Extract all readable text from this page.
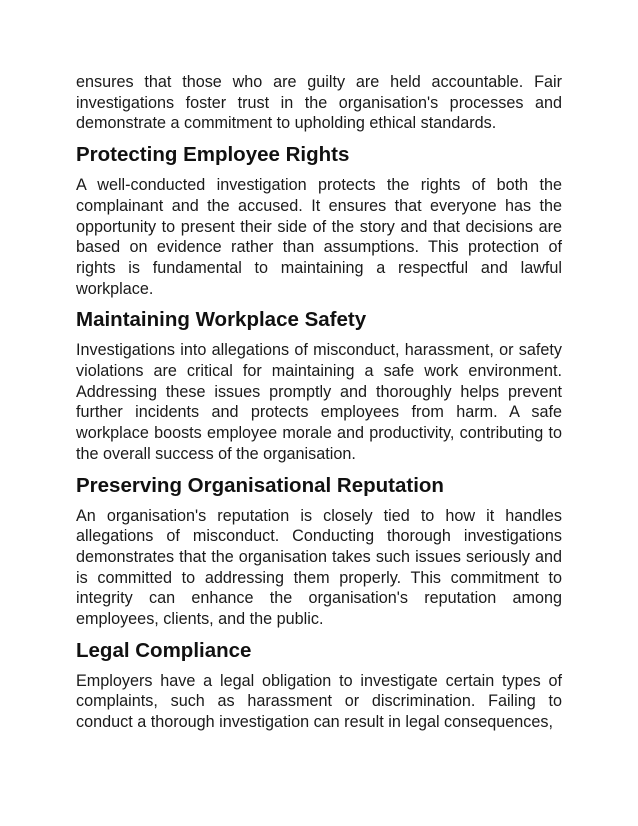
ensures that those who are guilty are held accountable. Fair investigations foster trust in the organisation's processes and demonstrate a commitment to upholding ethical standards.

Protecting Employee Rights

A well-conducted investigation protects the rights of both the complainant and the accused. It ensures that everyone has the opportunity to present their side of the story and that decisions are based on evidence rather than assumptions. This protection of rights is fundamental to maintaining a respectful and lawful workplace.

Maintaining Workplace Safety

Investigations into allegations of misconduct, harassment, or safety violations are critical for maintaining a safe work environment. Addressing these issues promptly and thoroughly helps prevent further incidents and protects employees from harm. A safe workplace boosts employee morale and productivity, contributing to the overall success of the organisation.

Preserving Organisational Reputation

An organisation's reputation is closely tied to how it handles allegations of misconduct. Conducting thorough investigations demonstrates that the organisation takes such issues seriously and is committed to addressing them properly. This commitment to integrity can enhance the organisation's reputation among employees, clients, and the public.

Legal Compliance

Employers have a legal obligation to investigate certain types of complaints, such as harassment or discrimination. Failing to conduct a thorough investigation can result in legal consequences,
